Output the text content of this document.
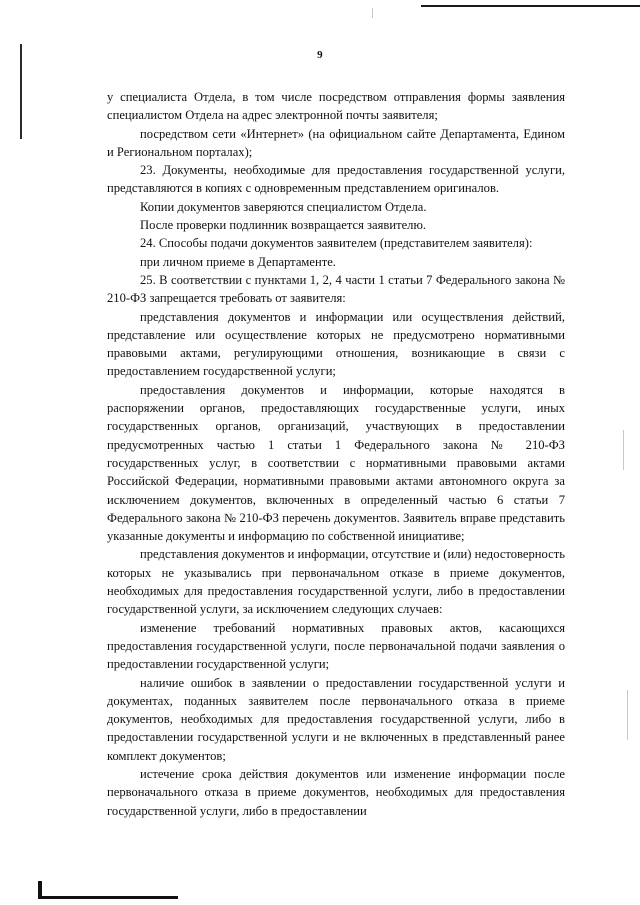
9

у специалиста Отдела, в том числе посредством отправления формы заявления специалистом Отдела на адрес электронной почты заявителя;

посредством сети «Интернет» (на официальном сайте Департамента, Едином и Региональном порталах);

23. Документы, необходимые для предоставления государственной услуги, представляются в копиях с одновременным представлением оригиналов.

Копии документов заверяются специалистом Отдела.

После проверки подлинник возвращается заявителю.

24. Способы подачи документов заявителем (представителем заявителя):

при личном приеме в Департаменте.

25. В соответствии с пунктами 1, 2, 4 части 1 статьи 7 Федерального закона № 210-ФЗ запрещается требовать от заявителя:

представления документов и информации или осуществления действий, представление или осуществление которых не предусмотрено нормативными правовыми актами, регулирующими отношения, возникающие в связи с предоставлением государственной услуги;

предоставления документов и информации, которые находятся в распоряжении органов, предоставляющих государственные услуги, иных государственных органов, организаций, участвующих в предоставлении предусмотренных частью 1 статьи 1 Федерального закона № 210-ФЗ государственных услуг, в соответствии с нормативными правовыми актами Российской Федерации, нормативными правовыми актами автономного округа за исключением документов, включенных в определенный частью 6 статьи 7 Федерального закона № 210-ФЗ перечень документов. Заявитель вправе представить указанные документы и информацию по собственной инициативе;

представления документов и информации, отсутствие и (или) недостоверность которых не указывались при первоначальном отказе в приеме документов, необходимых для предоставления государственной услуги, либо в предоставлении государственной услуги, за исключением следующих случаев:

изменение требований нормативных правовых актов, касающихся предоставления государственной услуги, после первоначальной подачи заявления о предоставлении государственной услуги;

наличие ошибок в заявлении о предоставлении государственной услуги и документах, поданных заявителем после первоначального отказа в приеме документов, необходимых для предоставления государственной услуги, либо в предоставлении государственной услуги и не включенных в представленный ранее комплект документов;

истечение срока действия документов или изменение информации после первоначального отказа в приеме документов, необходимых для предоставления государственной услуги, либо в предоставлении
